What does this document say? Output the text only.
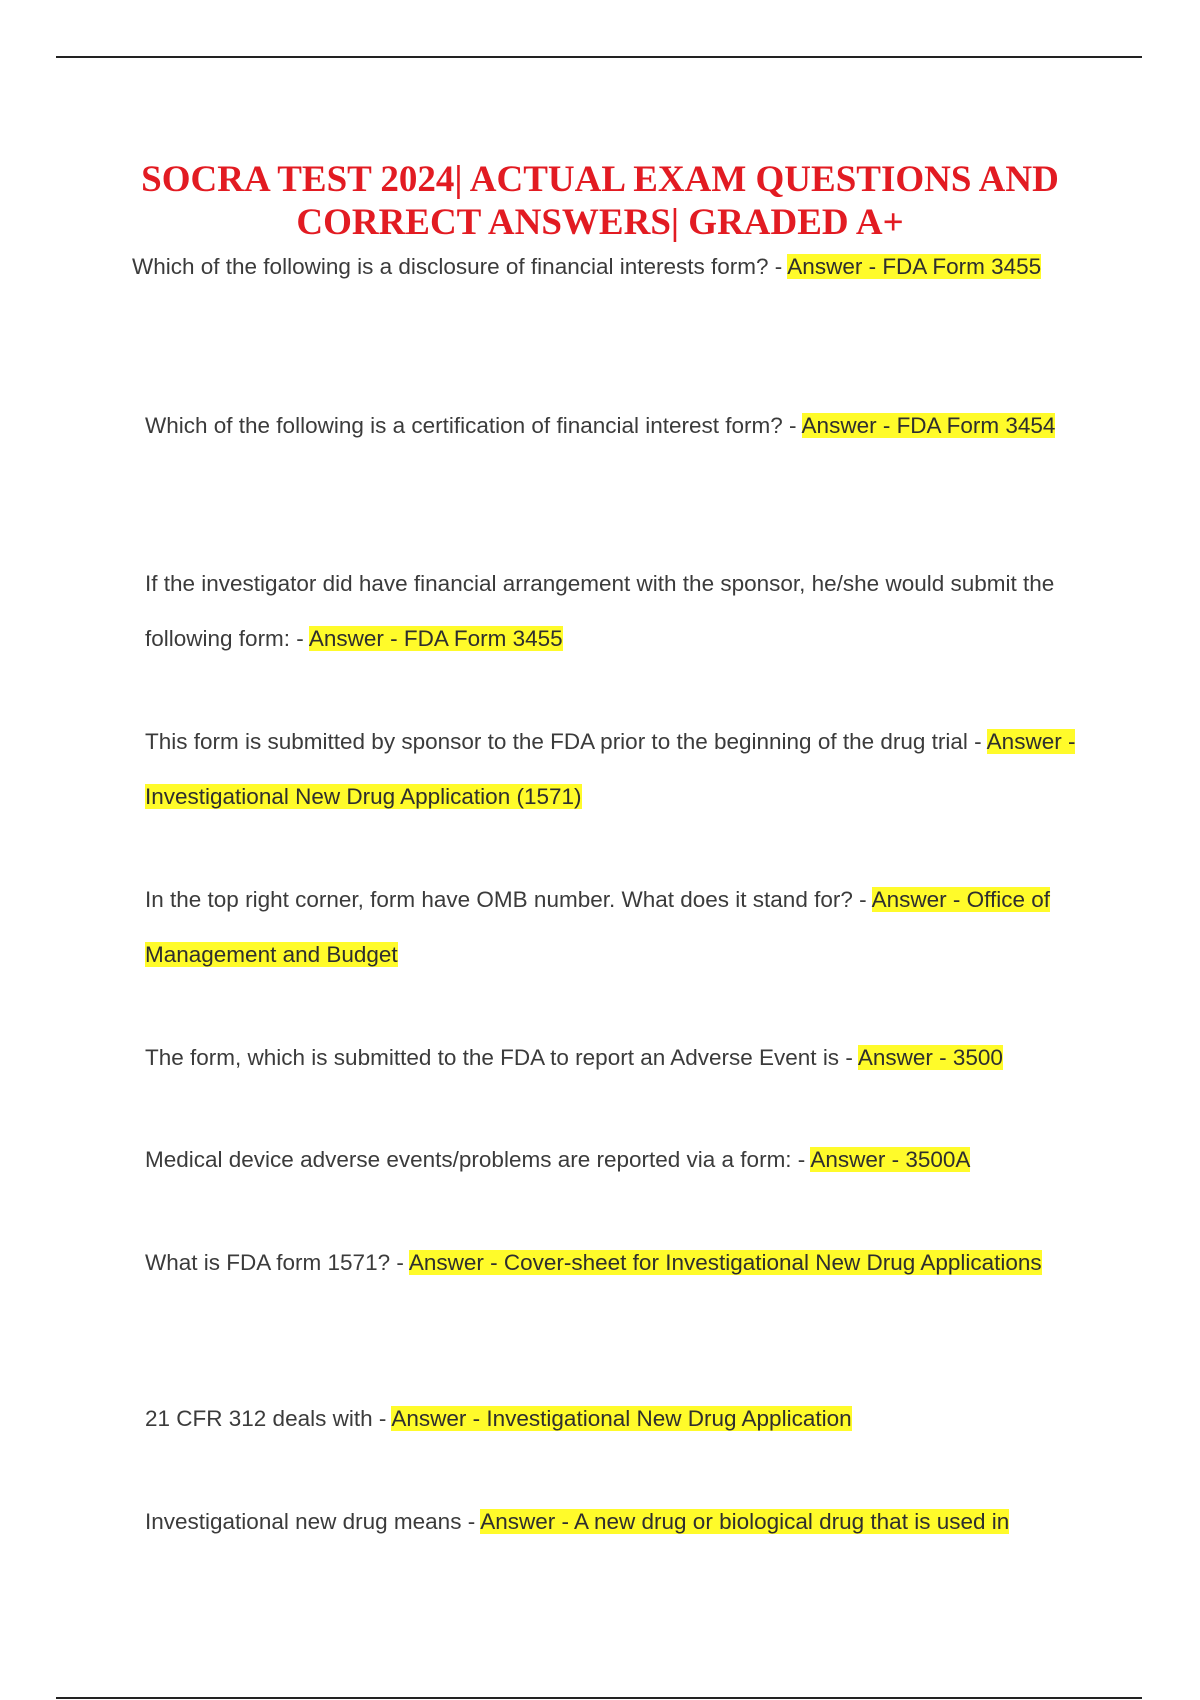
SOCRA TEST 2024| ACTUAL EXAM QUESTIONS AND CORRECT ANSWERS| GRADED A+

Which of the following is a disclosure of financial interests form? - Answer - FDA Form 3455

Which of the following is a certification of financial interest form? - Answer - FDA Form 3454

If the investigator did have financial arrangement with the sponsor, he/she would submit the following form: - Answer - FDA Form 3455

This form is submitted by sponsor to the FDA prior to the beginning of the drug trial - Answer - Investigational New Drug Application (1571)

In the top right corner, form have OMB number. What does it stand for? - Answer - Office of Management and Budget

The form, which is submitted to the FDA to report an Adverse Event is - Answer - 3500

Medical device adverse events/problems are reported via a form: - Answer - 3500A

What is FDA form 1571? - Answer - Cover-sheet for Investigational New Drug Applications

21 CFR 312 deals with - Answer - Investigational New Drug Application

Investigational new drug means - Answer - A new drug or biological drug that is used in
